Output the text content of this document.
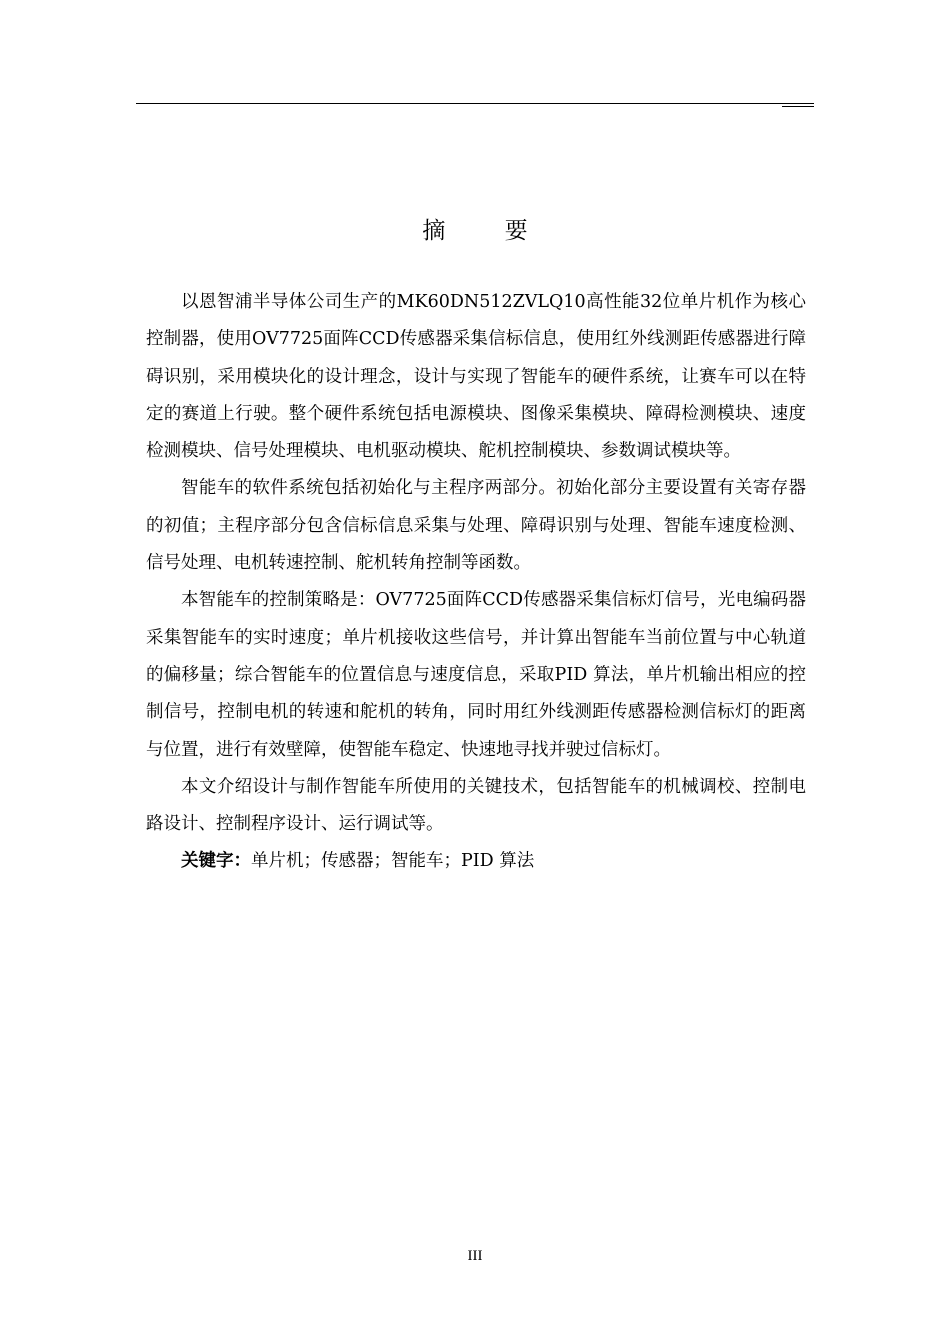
摘 要

以恩智浦半导体公司生产的MK60DN512ZVLQ10高性能32位单片机作为核心控制器，使用OV7725面阵CCD传感器采集信标信息，使用红外线测距传感器进行障碍识别，采用模块化的设计理念，设计与实现了智能车的硬件系统，让赛车可以在特定的赛道上行驶。整个硬件系统包括电源模块、图像采集模块、障碍检测模块、速度检测模块、信号处理模块、电机驱动模块、舵机控制模块、参数调试模块等。

智能车的软件系统包括初始化与主程序两部分。初始化部分主要设置有关寄存器的初值；主程序部分包含信标信息采集与处理、障碍识别与处理、智能车速度检测、信号处理、电机转速控制、舵机转角控制等函数。

本智能车的控制策略是：OV7725面阵CCD传感器采集信标灯信号，光电编码器采集智能车的实时速度；单片机接收这些信号，并计算出智能车当前位置与中心轨道的偏移量；综合智能车的位置信息与速度信息，采取PID 算法，单片机输出相应的控制信号，控制电机的转速和舵机的转角，同时用红外线测距传感器检测信标灯的距离与位置，进行有效壁障，使智能车稳定、快速地寻找并驶过信标灯。

本文介绍设计与制作智能车所使用的关键技术，包括智能车的机械调校、控制电路设计、控制程序设计、运行调试等。

关键字：单片机；传感器；智能车；PID 算法

III
